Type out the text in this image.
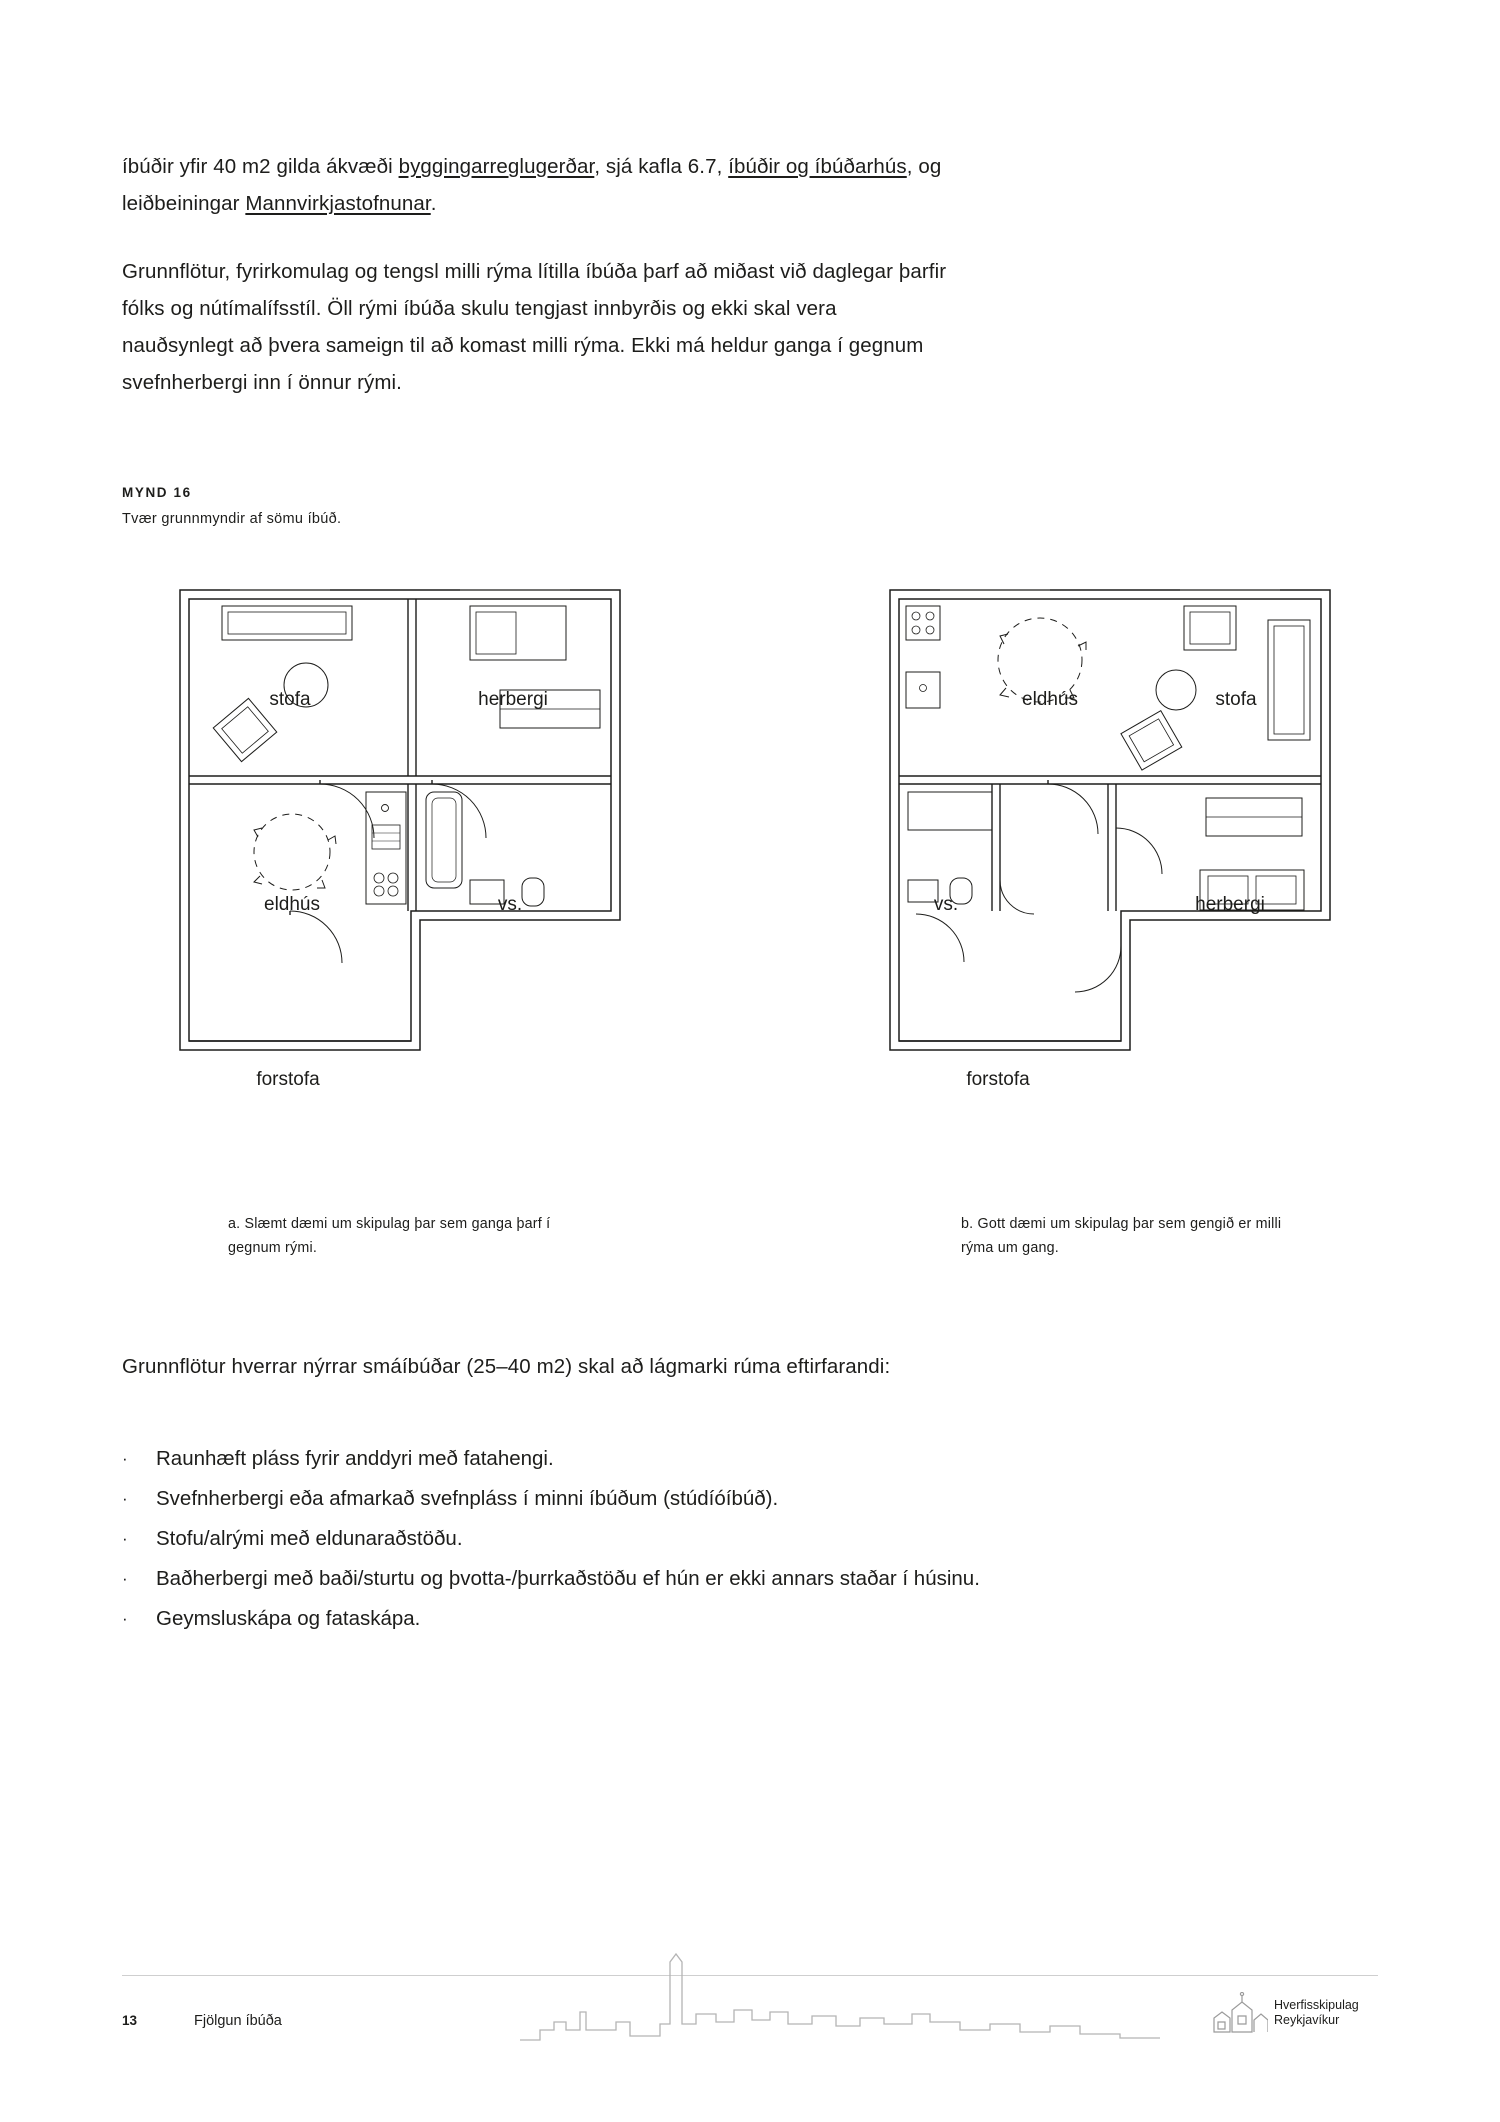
íbúðir yfir 40 m2 gilda ákvæði byggingarreglugerðar, sjá kafla 6.7, íbúðir og íbúðarhús, og leiðbeiningar Mannvirkjastofnunar.
Grunnflötur, fyrirkomulag og tengsl milli rýma lítilla íbúða þarf að miðast við daglegar þarfir fólks og nútímalífsstíl. Öll rými íbúða skulu tengjast innbyrðis og ekki skal vera nauðsynlegt að þvera sameign til að komast milli rýma. Ekki má heldur ganga í gegnum svefnherbergi inn í önnur rými.
MYND 16
Tvær grunnmyndir af sömu íbúð.
stofa	herbergi
eldhús	vs.
forstofa
eldhús	stofa
vs.	herbergi
forstofa
a. Slæmt dæmi um skipulag þar sem ganga þarf í gegnum rými.
b. Gott dæmi um skipulag þar sem gengið er milli rýma um gang.
Grunnflötur hverrar nýrrar smáíbúðar (25–40 m2) skal að lágmarki rúma eftirfarandi:
·	Raunhæft pláss fyrir anddyri með fatahengi.
·	Svefnherbergi eða afmarkað svefnpláss í minni íbúðum (stúdíóíbúð).
·	Stofu/alrými með eldunaraðstöðu.
·	Baðherbergi með baði/sturtu og þvotta-/þurrkaðstöðu ef hún er ekki annars staðar í húsinu.
·	Geymsluskápa og fataskápa.
13	Fjölgun íbúða
Hverfisskipulag
Reykjavíkur
